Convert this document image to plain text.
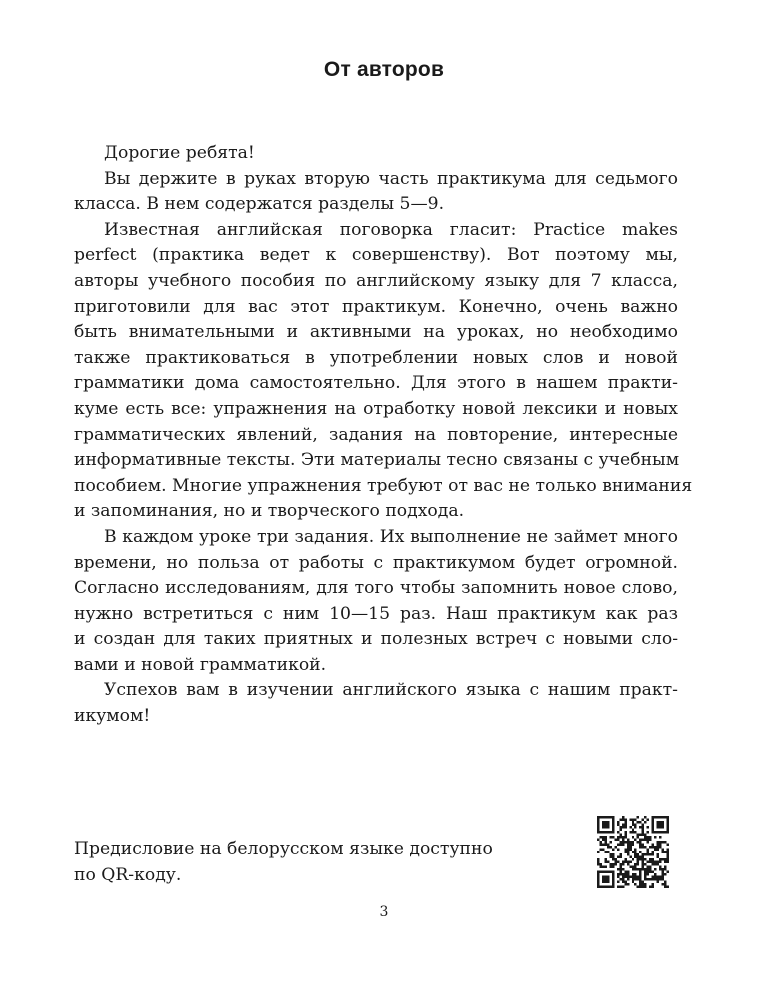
От авторов

Дорогие ребята!

Вы держите в руках вторую часть практикума для седьмого
класса. В нем содержатся разделы 5—9.

Известная английская поговорка гласит: Practice makes
perfect (практика ведет к совершенству). Вот поэтому мы,
авторы учебного пособия по английскому языку для 7 класса,
приготовили для вас этот практикум. Конечно, очень важно
быть внимательными и активными на уроках, но необходимо
также практиковаться в употреблении новых слов и новой
грамматики дома самостоятельно. Для этого в нашем практи-
куме есть все: упражнения на отработку новой лексики и новых
грамматических явлений, задания на повторение, интересные
информативные тексты. Эти материалы тесно связаны с учебным
пособием. Многие упражнения требуют от вас не только внимания
и запоминания, но и творческого подхода.

В каждом уроке три задания. Их выполнение не займет много
времени, но польза от работы с практикумом будет огромной.
Согласно исследованиям, для того чтобы запомнить новое слово,
нужно встретиться с ним 10—15 раз. Наш практикум как раз
и создан для таких приятных и полезных встреч с новыми сло-
вами и новой грамматикой.

Успехов вам в изучении английского языка с нашим практ-
икумом!

Предисловие на белорусском языке доступно
по QR-коду.
3
